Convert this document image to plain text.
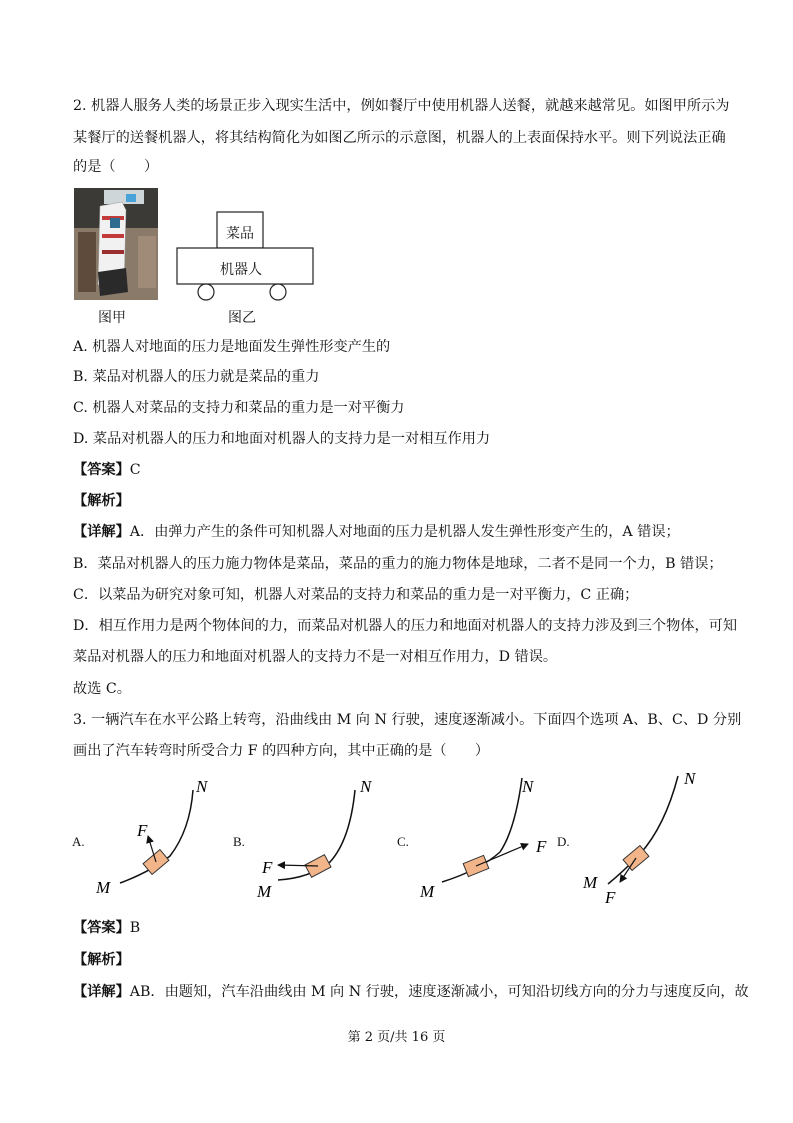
2. 机器人服务人类的场景正步入现实生活中，例如餐厅中使用机器人送餐，就越来越常见。如图甲所示为
某餐厅的送餐机器人，将其结构简化为如图乙所示的示意图，机器人的上表面保持水平。则下列说法正确
的是（　　）
图甲
菜品
机器人
图乙
A. 机器人对地面的压力是地面发生弹性形变产生的
B. 菜品对机器人的压力就是菜品的重力
C. 机器人对菜品的支持力和菜品的重力是一对平衡力
D. 菜品对机器人的压力和地面对机器人的支持力是一对相互作用力
【答案】C
【解析】
【详解】A．由弹力产生的条件可知机器人对地面的压力是机器人发生弹性形变产生的，A 错误；
B．菜品对机器人的压力施力物体是菜品，菜品的重力的施力物体是地球，二者不是同一个力，B 错误；
C．以菜品为研究对象可知，机器人对菜品的支持力和菜品的重力是一对平衡力，C 正确；
D．相互作用力是两个物体间的力，而菜品对机器人的压力和地面对机器人的支持力涉及到三个物体，可知
菜品对机器人的压力和地面对机器人的支持力不是一对相互作用力，D 错误。
故选 C。
3. 一辆汽车在水平公路上转弯，沿曲线由 M 向 N 行驶，速度逐渐减小。下面四个选项 A、B、C、D 分别
画出了汽车转弯时所受合力 F 的四种方向，其中正确的是（　　）
A.	B.	C.	D.
F
M
N
F
M
N
F
M
N
F
M
N
【答案】B
【解析】
【详解】AB．由题知，汽车沿曲线由 M 向 N 行驶，速度逐渐减小，可知沿切线方向的分力与速度反向，故
第 2 页/共 16 页
